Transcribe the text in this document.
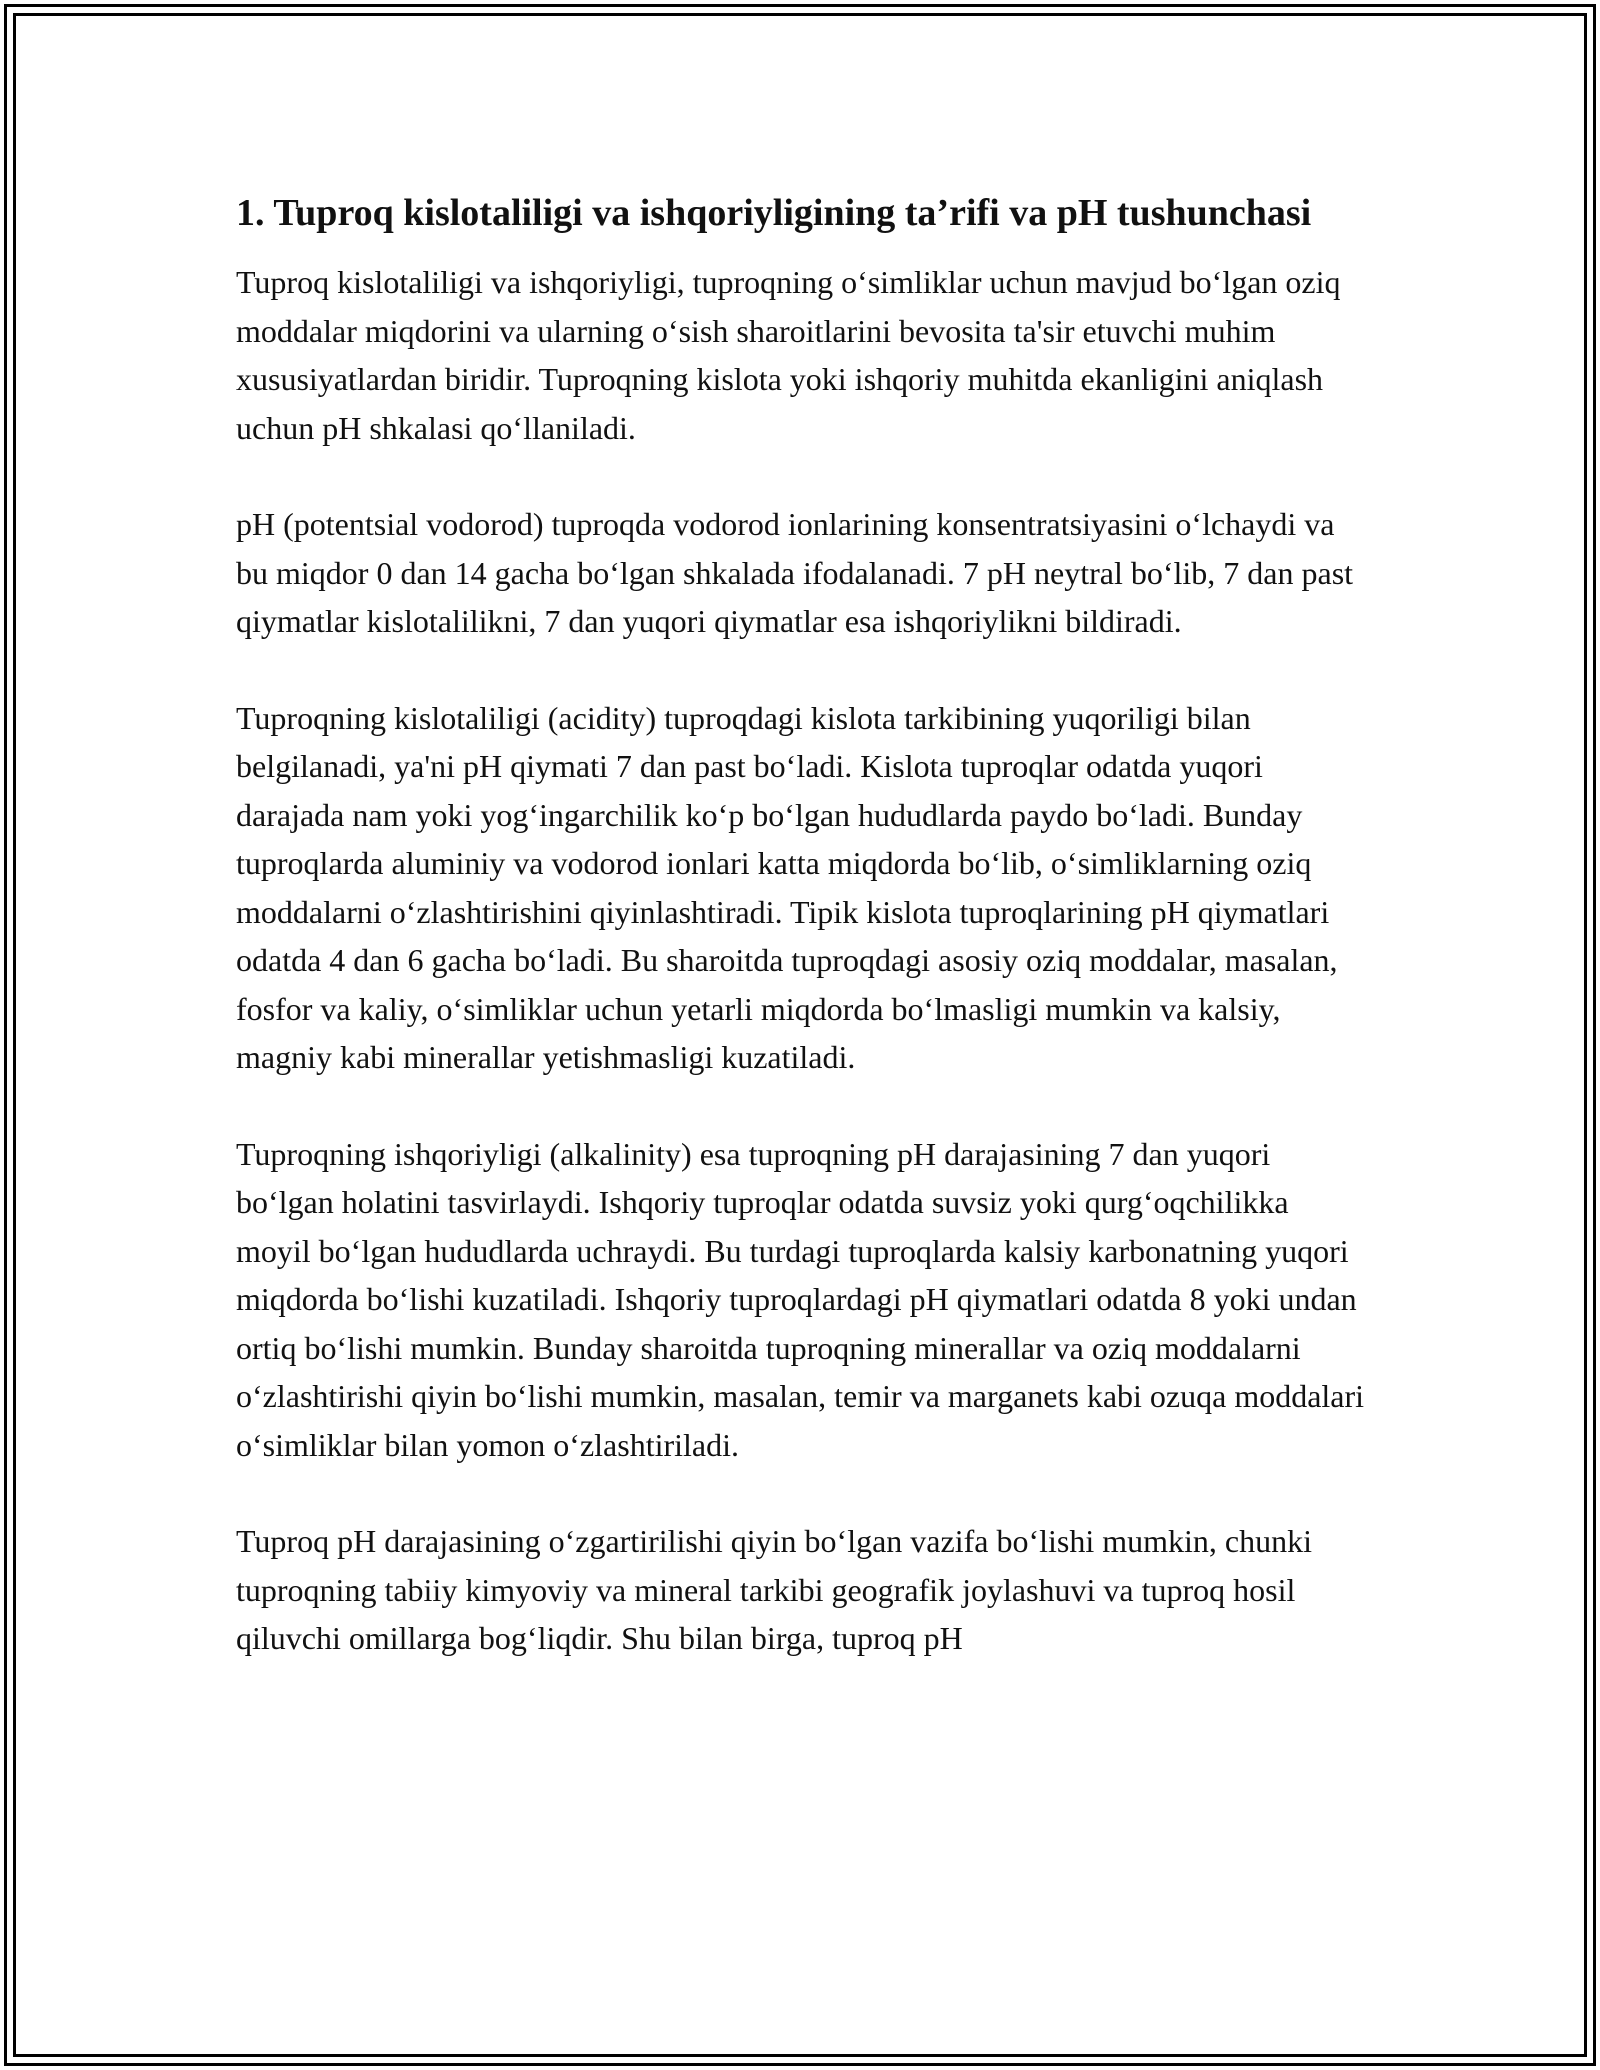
1. Tuproq kislotaliligi va ishqoriyligining ta’rifi va pH tushunchasi

Tuproq kislotaliligi va ishqoriyligi, tuproqning o‘simliklar uchun mavjud bo‘lgan oziq moddalar miqdorini va ularning o‘sish sharoitlarini bevosita ta'sir etuvchi muhim xususiyatlardan biridir. Tuproqning kislota yoki ishqoriy muhitda ekanligini aniqlash uchun pH shkalasi qo‘llaniladi.

pH (potentsial vodorod) tuproqda vodorod ionlarining konsentratsiyasini o‘lchaydi va bu miqdor 0 dan 14 gacha bo‘lgan shkalada ifodalanadi. 7 pH neytral bo‘lib, 7 dan past qiymatlar kislotalilikni, 7 dan yuqori qiymatlar esa ishqoriylikni bildiradi.

Tuproqning kislotaliligi (acidity) tuproqdagi kislota tarkibining yuqoriligi bilan belgilanadi, ya'ni pH qiymati 7 dan past bo‘ladi. Kislota tuproqlar odatda yuqori darajada nam yoki yog‘ingarchilik ko‘p bo‘lgan hududlarda paydo bo‘ladi. Bunday tuproqlarda aluminiy va vodorod ionlari katta miqdorda bo‘lib, o‘simliklarning oziq moddalarni o‘zlashtirishini qiyinlashtiradi. Tipik kislota tuproqlarining pH qiymatlari odatda 4 dan 6 gacha bo‘ladi. Bu sharoitda tuproqdagi asosiy oziq moddalar, masalan, fosfor va kaliy, o‘simliklar uchun yetarli miqdorda bo‘lmasligi mumkin va kalsiy, magniy kabi minerallar yetishmasligi kuzatiladi.

Tuproqning ishqoriyligi (alkalinity) esa tuproqning pH darajasining 7 dan yuqori bo‘lgan holatini tasvirlaydi. Ishqoriy tuproqlar odatda suvsiz yoki qurg‘oqchilikka moyil bo‘lgan hududlarda uchraydi. Bu turdagi tuproqlarda kalsiy karbonatning yuqori miqdorda bo‘lishi kuzatiladi. Ishqoriy tuproqlardagi pH qiymatlari odatda 8 yoki undan ortiq bo‘lishi mumkin. Bunday sharoitda tuproqning minerallar va oziq moddalarni o‘zlashtirishi qiyin bo‘lishi mumkin, masalan, temir va marganets kabi ozuqa moddalari o‘simliklar bilan yomon o‘zlashtiriladi.

Tuproq pH darajasining o‘zgartirilishi qiyin bo‘lgan vazifa bo‘lishi mumkin, chunki tuproqning tabiiy kimyoviy va mineral tarkibi geografik joylashuvi va tuproq hosil qiluvchi omillarga bog‘liqdir. Shu bilan birga, tuproq pH
